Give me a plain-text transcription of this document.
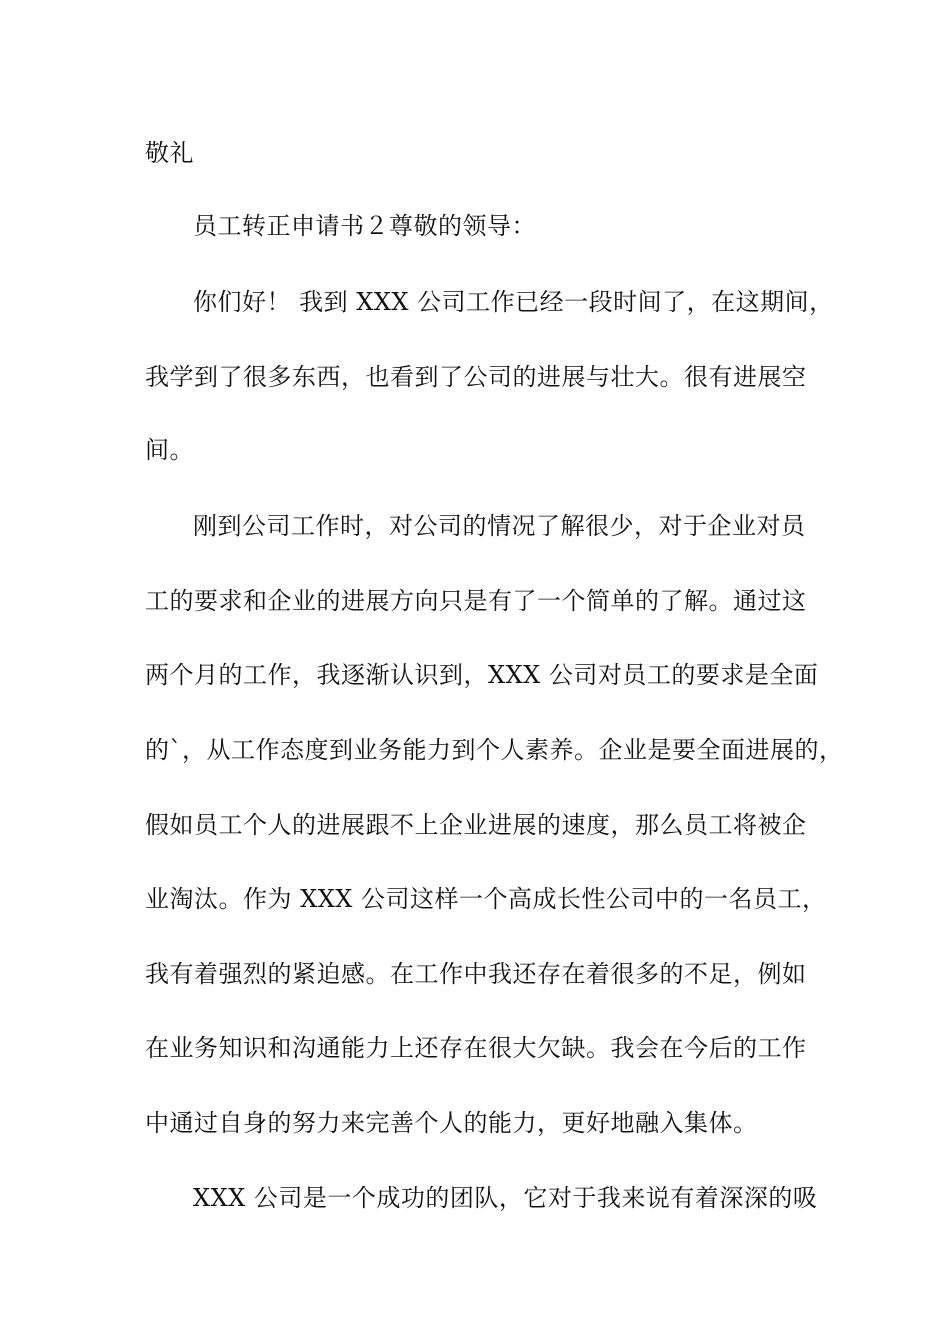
敬礼
员工转正申请书２尊敬的领导：
你们好！ 我到 XXX 公司工作已经一段时间了，在这期间，
我学到了很多东西，也看到了公司的进展与壮大。很有进展空
间。
刚到公司工作时，对公司的情况了解很少，对于企业对员
工的要求和企业的进展方向只是有了一个简单的了解。通过这
两个月的工作，我逐渐认识到，XXX 公司对员工的要求是全面
的`，从工作态度到业务能力到个人素养。企业是要全面进展的，
假如员工个人的进展跟不上企业进展的速度，那么员工将被企
业淘汰。作为 XXX 公司这样一个高成长性公司中的一名员工，
我有着强烈的紧迫感。在工作中我还存在着很多的不足，例如
在业务知识和沟通能力上还存在很大欠缺。我会在今后的工作
中通过自身的努力来完善个人的能力，更好地融入集体。
XXX 公司是一个成功的团队，它对于我来说有着深深的吸
